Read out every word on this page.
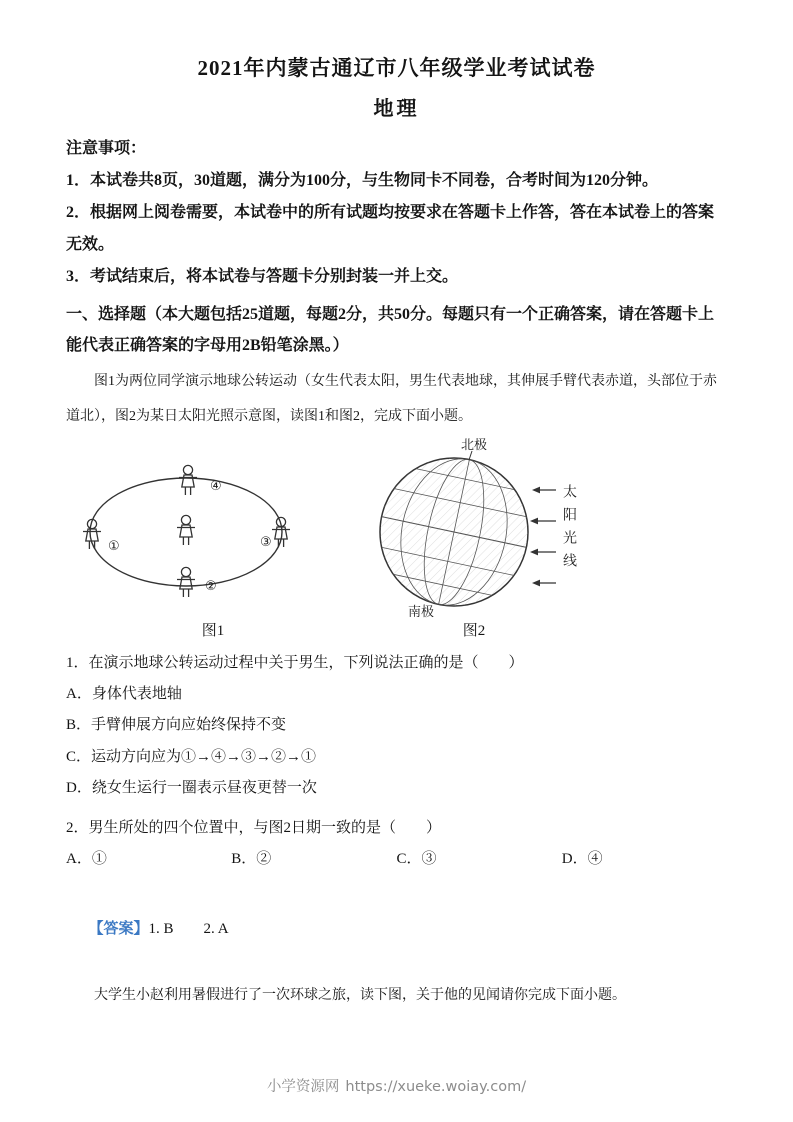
2021年内蒙古通辽市八年级学业考试试卷
地理

注意事项：

1．本试卷共8页，30道题，满分为100分，与生物同卡不同卷，合考时间为120分钟。

2．根据网上阅卷需要，本试卷中的所有试题均按要求在答题卡上作答，答在本试卷上的答案无效。

3．考试结束后，将本试卷与答题卡分别封装一并上交。

一、选择题（本大题包括25道题，每题2分，共50分。每题只有一个正确答案，请在答题卡上能代表正确答案的字母用2B铅笔涂黑。）

图1为两位同学演示地球公转运动（女生代表太阳，男生代表地球，其伸展手臂代表赤道，头部位于赤道北），图2为某日太阳光照示意图，读图1和图2，完成下面小题。

①
②
③
④
图1
北极
南极
太阳光线
图2

1．在演示地球公转运动过程中关于男生，下列说法正确的是（　　）

A．身体代表地轴

B．手臂伸展方向应始终保持不变

C．运动方向应为①→④→③→②→①

D．绕女生运行一圈表示昼夜更替一次

2．男生所处的四个位置中，与图2日期一致的是（　　）

A．①	B．②	C．③	D．④

【答案】1. B　　2. A

大学生小赵利用暑假进行了一次环球之旅，读下图，关于他的见闻请你完成下面小题。

小学资源网 https://xueke.woiay.com/
